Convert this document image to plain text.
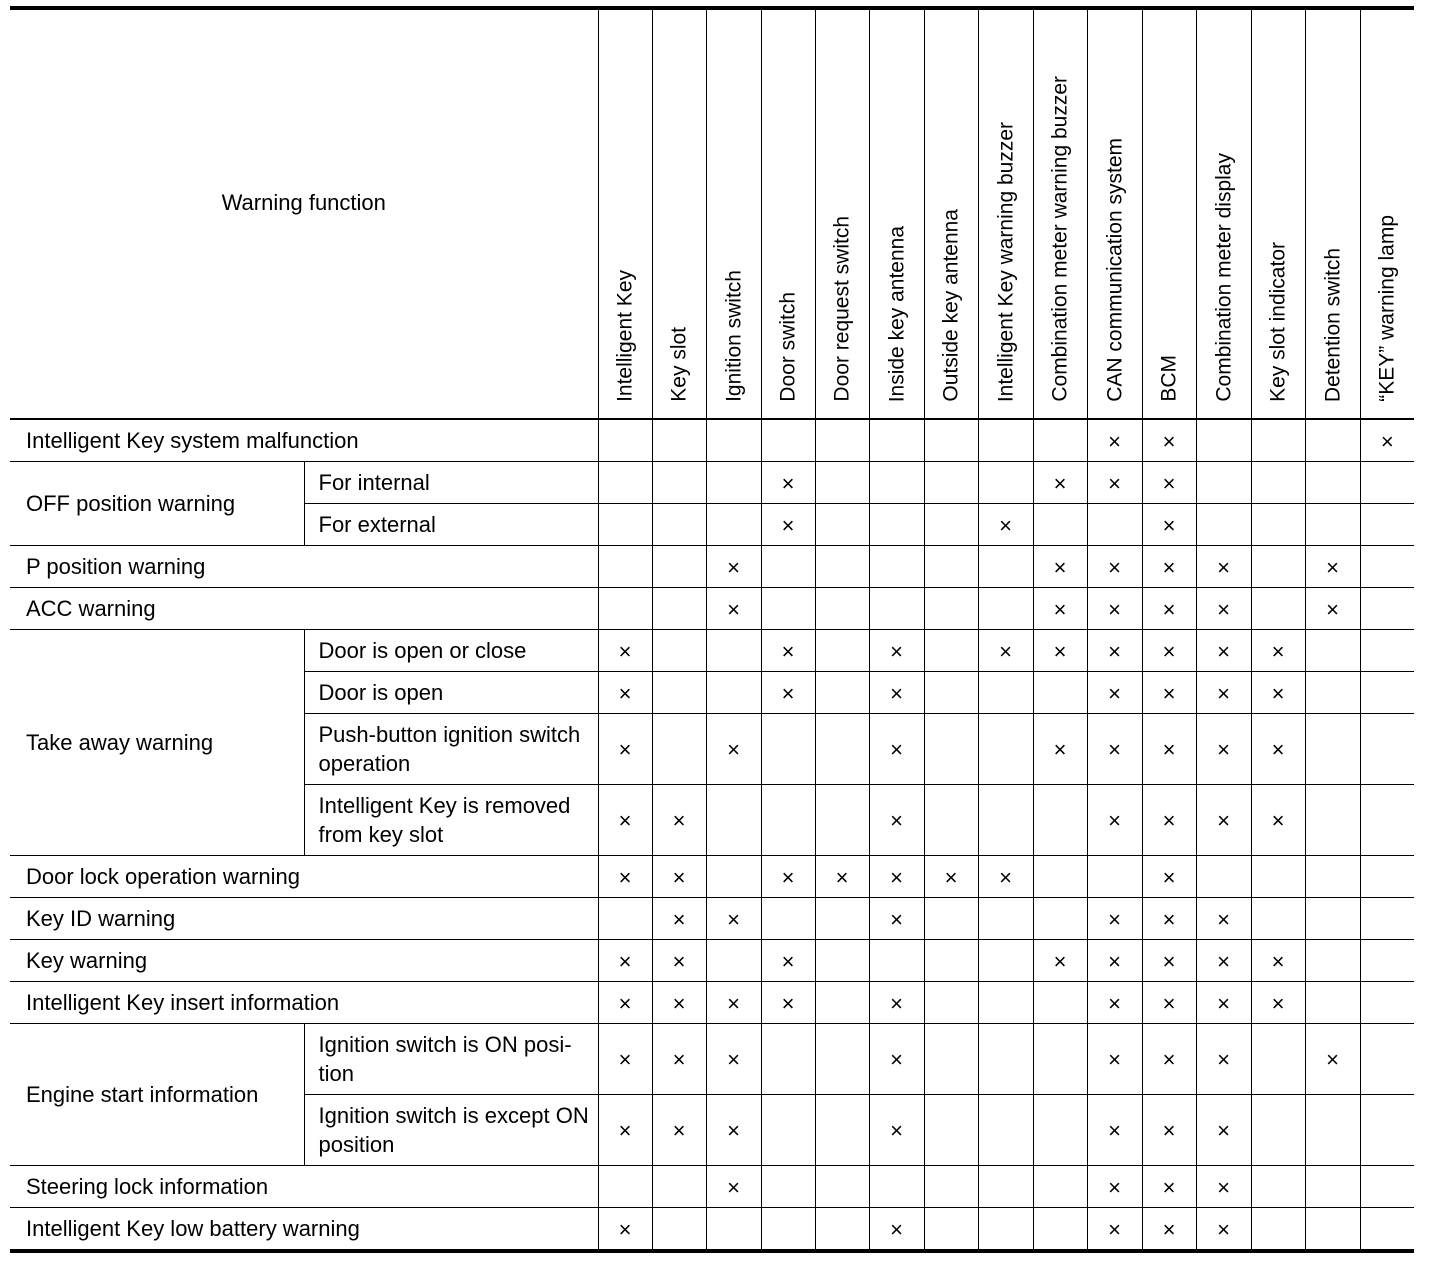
Warning function		Intelligent Key	Key slot	Ignition switch	Door switch	Door request switch	Inside key antenna	Outside key antenna	Intelligent Key warning buzzer	Combination meter warning buzzer	CAN communication system	BCM	Combination meter display	Key slot indicator	Detention switch	“KEY” warning lamp

Intelligent Key system malfunction											×	×				×
OFF position warning	For internal				×					×	×	×				
	For external				×				×			×				
P position warning				×						×	×	×	×		×	
ACC warning				×						×	×	×	×		×	
Take away warning	Door is open or close	×			×		×		×	×	×	×	×	×		
	Door is open	×			×		×				×	×	×	×		
	Push-button ignition switch operation	×		×			×			×	×	×	×	×		
	Intelligent Key is removed from key slot	×	×				×				×	×	×	×		
Door lock operation warning		×	×		×	×	×	×	×			×				
Key ID warning			×	×			×				×	×	×			
Key warning		×	×		×					×	×	×	×	×		
Intelligent Key insert information		×	×	×	×		×				×	×	×	×		
Engine start information	Ignition switch is ON posi-tion	×	×	×			×				×	×	×		×	
	Ignition switch is except ON position	×	×	×			×				×	×	×			
Steering lock information				×							×	×	×			
Intelligent Key low battery warning		×					×				×	×	×			
